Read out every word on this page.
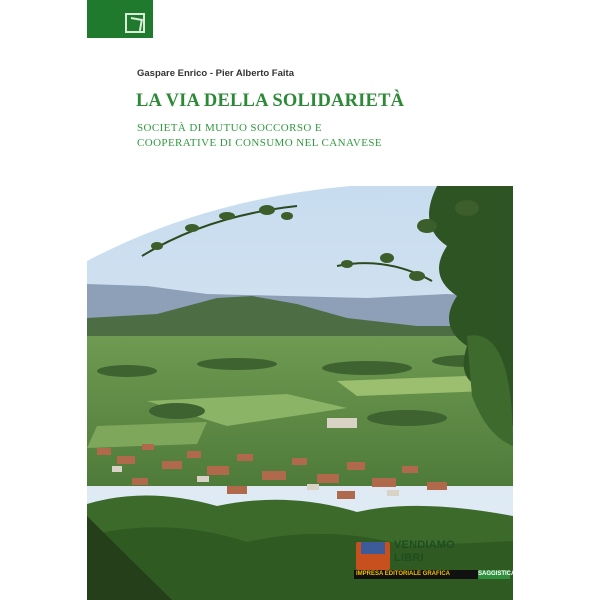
Gaspare Enrico - Pier Alberto Faita
LA VIA DELLA SOLIDARIETÀ
SOCIETÀ DI MUTUO SOCCORSO E
COOPERATIVE DI CONSUMO NEL CANAVESE
VENDIAMO
LIBRI
IMPRESA EDITORIALE GRAFICA	SAGGISTICA
